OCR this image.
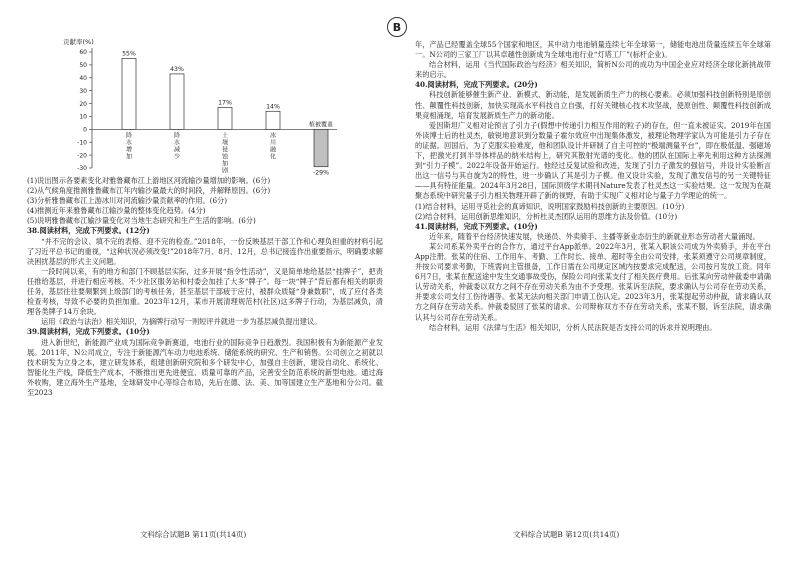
B
贡献率(%)
60
50
40
30
20
10
0
-10
-20
-30
55%
降
水
增
加
43%
降
水
减
少
17%
土
壤
侵
蚀
加
剧
14%
冰
川
融
化
-29%
植被覆盖

(1)说出图示各要素变化对雅鲁藏布江上游地区河流输沙量增加的影响。(6分)

(2)从气候角度推测雅鲁藏布江年内输沙量最大的时间段，并解释原因。(6分)

(3)分析雅鲁藏布江上游冰川对河流输沙量贡献率的作用。(6分)

(4)推测近年来雅鲁藏布江输沙量的整体变化趋势。(4分)

(5)说明雅鲁藏布江输沙量变化对当地生态研究和生产生活的影响。(6分)

38.阅读材料，完成下列要求。(12分)

“并不完的会议、填不完的表格、迎不完的检查。”2018年，一份反映基层干部工作和心理负担重的材料引起了习近平总书记的重视，“这种状况必须改变!”2018年7月、8月、12月，总书记接连作出重要指示，明确要求解决困扰基层的形式主义问题。

一段时间以来，有的地方和部门不顾基层实际，过多开展“指令性活动”，又是简单地给基层“挂牌子”，把责任推给基层，并进行相应考核。不少社区服务站和村委会加挂了大多“牌子”。每一块“牌子”背后都有相关的职责任务，基层往往要频繁到上级部门的考核任务，甚至基层干部疲于应付，被群众质疑“身兼数职”，成了应付各类检查考核，导致不必要的负担加重。2023年12月，某市开展清理规范村(社区)这多牌子行动，为基层减负，清理各类牌子14万余块。

运用《政治与法治》相关知识，为摘牌行动写一则短评并就进一步为基层减负提出建议。

39.阅读材料，完成下列要求。(10分)

进入新世纪，新能源产业成为国际竞争新赛道，电池行业的国际竞争日趋激烈。我国积极有为新能源产业发展。2011年，N公司成立，专注于新能源汽车动力电池系统、储能系统的研究、生产和销售。公司创立之初就以技术研发为立身之本，建立研发体系，组建创新研究院和多个研发中心，加强自主创新，建设自动化、系统化、智能化生产线，降低生产成本，不断推出更先进便宜、质量可靠的产品，完善安全防范系统的新型电池。通过海外收购，建立海外生产基地，全球研发中心等综合布局，先后在德、法、美、加等国建立生产基地和分公司。截至2023

年，产品已经覆盖全球55个国家和地区，其中动力电池销量连续七年全球第一，储能电池出货量连续五年全球第一。N公司的三家工厂以其卓越性创新成为全球电池行业“灯塔工厂”(标杆企业)。

结合材料，运用《当代国际政治与经济》相关知识，简析N公司的成功为中国企业应对经济全球化新挑战带来的启示。

40.阅读材料，完成下列要求。(20分)

科技创新能够催生新产业、新模式、新动能，是发展新质生产力的核心要素。必须加强科技创新特别是原创性、颠覆性科技创新，加快实现高水平科技自立自强，打好关键核心技术攻坚战，使原创性、颠覆性科技创新成果竞相涌现，培育发展新质生产力的新动能。

爱因斯坦广义相对论预言了引力子(假想中传递引力相互作用的粒子)的存在，但一直未被证实。2019年在国外读博士后的杜灵杰，敏锐地意识到分数量子霍尔效应中出现集体激发，被理论物理学家认为可能是引力子存在的证据。回国后，为了克服实验难度，他和团队设计并研制了自主可控的“极端测量平台”，即在极低温、强磁场下，把激光打到半导体样品的纳米结构上，研究其散射光谱的变化。他的团队在国际上率先利用这种方法探测到“引力子模”。2022年设备开始运行。他经过反复试验和改进，发现了引力子激发的强信号，并设计实验断言出这一信号与其自旋为2的特性，进一步确认了其是引力子模。他又设计实验，发现了激发信号的另一关键特征——具有特征能量。2024年3月28日，国际顶级学术期刊Nature发表了杜灵杰这一实验结果。这一发现为在凝聚态系统中研究量子引力相关物理开辟了新的视野，有助于实现广义相对论与量子力学理论的统一。

(1)结合材料，运用寻觅社会的真谛知识，说明国家鼓励科技创新的主要原因。(10分)

(2)结合材料，运用创新思维知识，分析杜灵杰团队运用的思维方法及价值。(10分)

41.阅读材料，完成下列要求。(10分)

近年来，随着平台经济快速发展，快递员、外卖骑手、主播等新业态衍生的新就业形态劳动者大量涌现。

某公司系某外卖平台的合作方，通过平台App派单。2022年3月，张某入职该公司成为外卖骑手，并在平台App注册。张某的住宿、工作用车、考勤、工作时长、接单、超时等全由公司安排，张某须遵守公司规章制度，并按公司要求考勤，下班需向主管报备，工作日需在公司规定区域内按要求完成配送，公司按月发放工资。同年6月7日，张某在配送途中发生交通事故受伤，保险公司向张某支付了相关医疗费用。后张某向劳动仲裁委申请确认劳动关系，仲裁委以双方之间不存在劳动关系为由不予受理。张某诉至法院，要求确认与公司存在劳动关系，并要求公司支付工伤待遇等。张某无法向相关部门申请工伤认定。2023年3月，张某提起劳动仲裁，请求确认双方之间存在劳动关系。仲裁委驳回了张某的请求。公司辩称双方不存在劳动关系，张某不服，诉至法院，请求确认其与公司存在劳动关系。

结合材料，运用《法律与生活》相关知识，分析人民法院是否支持公司的诉求并说明理由。

文科综合试题B 第11页(共14页)	文科综合试题B 第12页(共14页)
